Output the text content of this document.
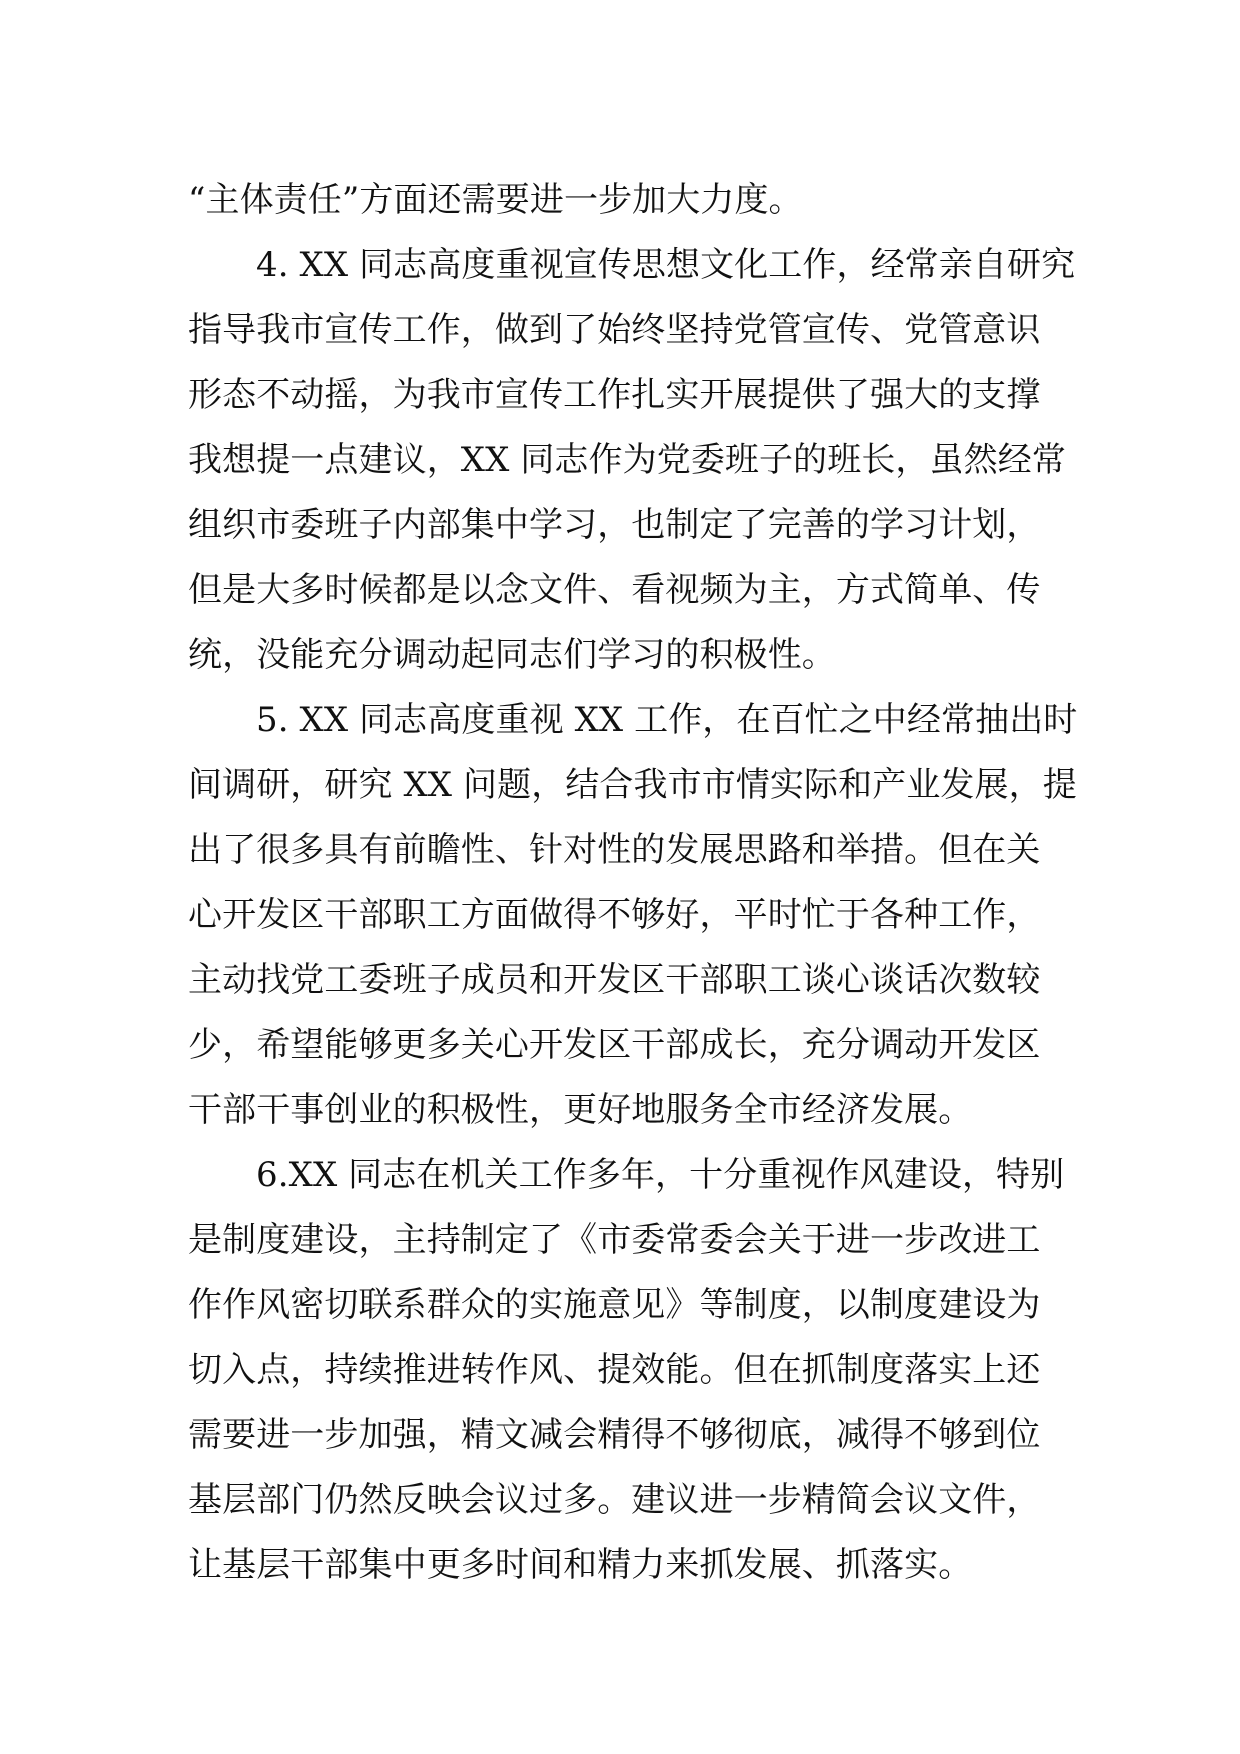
“主体责任”方面还需要进一步加大力度。
4. XX 同志高度重视宣传思想文化工作，经常亲自研究
指导我市宣传工作，做到了始终坚持党管宣传、党管意识
形态不动摇，为我市宣传工作扎实开展提供了强大的支撑
我想提一点建议，XX 同志作为党委班子的班长，虽然经常
组织市委班子内部集中学习，也制定了完善的学习计划，
但是大多时候都是以念文件、看视频为主，方式简单、传
统，没能充分调动起同志们学习的积极性。
5. XX 同志高度重视 XX 工作，在百忙之中经常抽出时
间调研，研究 XX 问题，结合我市市情实际和产业发展，提
出了很多具有前瞻性、针对性的发展思路和举措。但在关
心开发区干部职工方面做得不够好，平时忙于各种工作，
主动找党工委班子成员和开发区干部职工谈心谈话次数较
少，希望能够更多关心开发区干部成长，充分调动开发区
干部干事创业的积极性，更好地服务全市经济发展。
6.XX 同志在机关工作多年，十分重视作风建设，特别
是制度建设，主持制定了《市委常委会关于进一步改进工
作作风密切联系群众的实施意见》等制度，以制度建设为
切入点，持续推进转作风、提效能。但在抓制度落实上还
需要进一步加强，精文减会精得不够彻底，减得不够到位
基层部门仍然反映会议过多。建议进一步精简会议文件，
让基层干部集中更多时间和精力来抓发展、抓落实。
